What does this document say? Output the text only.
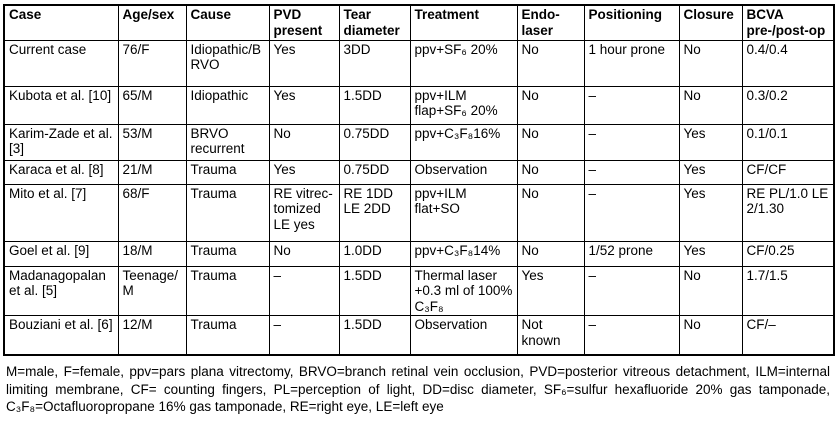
Case	Age/sex	Cause	PVD present	Tear diameter	Treatment	Endo-laser	Positioning	Closure	BCVA pre-/post-op
Current case	76/F	Idiopathic/BRVO	Yes	3DD	ppv+SF₆ 20%	No	1 hour prone	No	0.4/0.4
Kubota et al. [10]	65/M	Idiopathic	Yes	1.5DD	ppv+ILM flap+SF₆ 20%	No	–	No	0.3/0.2
Karim-Zade et al. [3]	53/M	BRVO recurrent	No	0.75DD	ppv+C₃F₈16%	No	–	Yes	0.1/0.1
Karaca et al. [8]	21/M	Trauma	Yes	0.75DD	Observation	No	–	Yes	CF/CF
Mito et al. [7]	68/F	Trauma	RE vitrec-tomized LE yes	RE 1DD LE 2DD	ppv+ILM flat+SO	No	–	Yes	RE PL/1.0 LE 2/1.30
Goel et al. [9]	18/M	Trauma	No	1.0DD	ppv+C₃F₈14%	No	1/52 prone	Yes	CF/0.25
Madanagopalan et al. [5]	Teenage/M	Trauma	–	1.5DD	Thermal laser +0.3 ml of 100% C₃F₈	Yes	–	No	1.7/1.5
Bouziani et al. [6]	12/M	Trauma	–	1.5DD	Observation	Not known	–	No	CF/–
M=male, F=female, ppv=pars plana vitrectomy, BRVO=branch retinal vein occlusion, PVD=posterior vitreous detachment, ILM=internal limiting membrane, CF= counting fingers, PL=perception of light, DD=disc diameter, SF₆=sulfur hexafluoride 20% gas tamponade, C₃F₈=Octafluoropropane 16% gas tamponade, RE=right eye, LE=left eye
